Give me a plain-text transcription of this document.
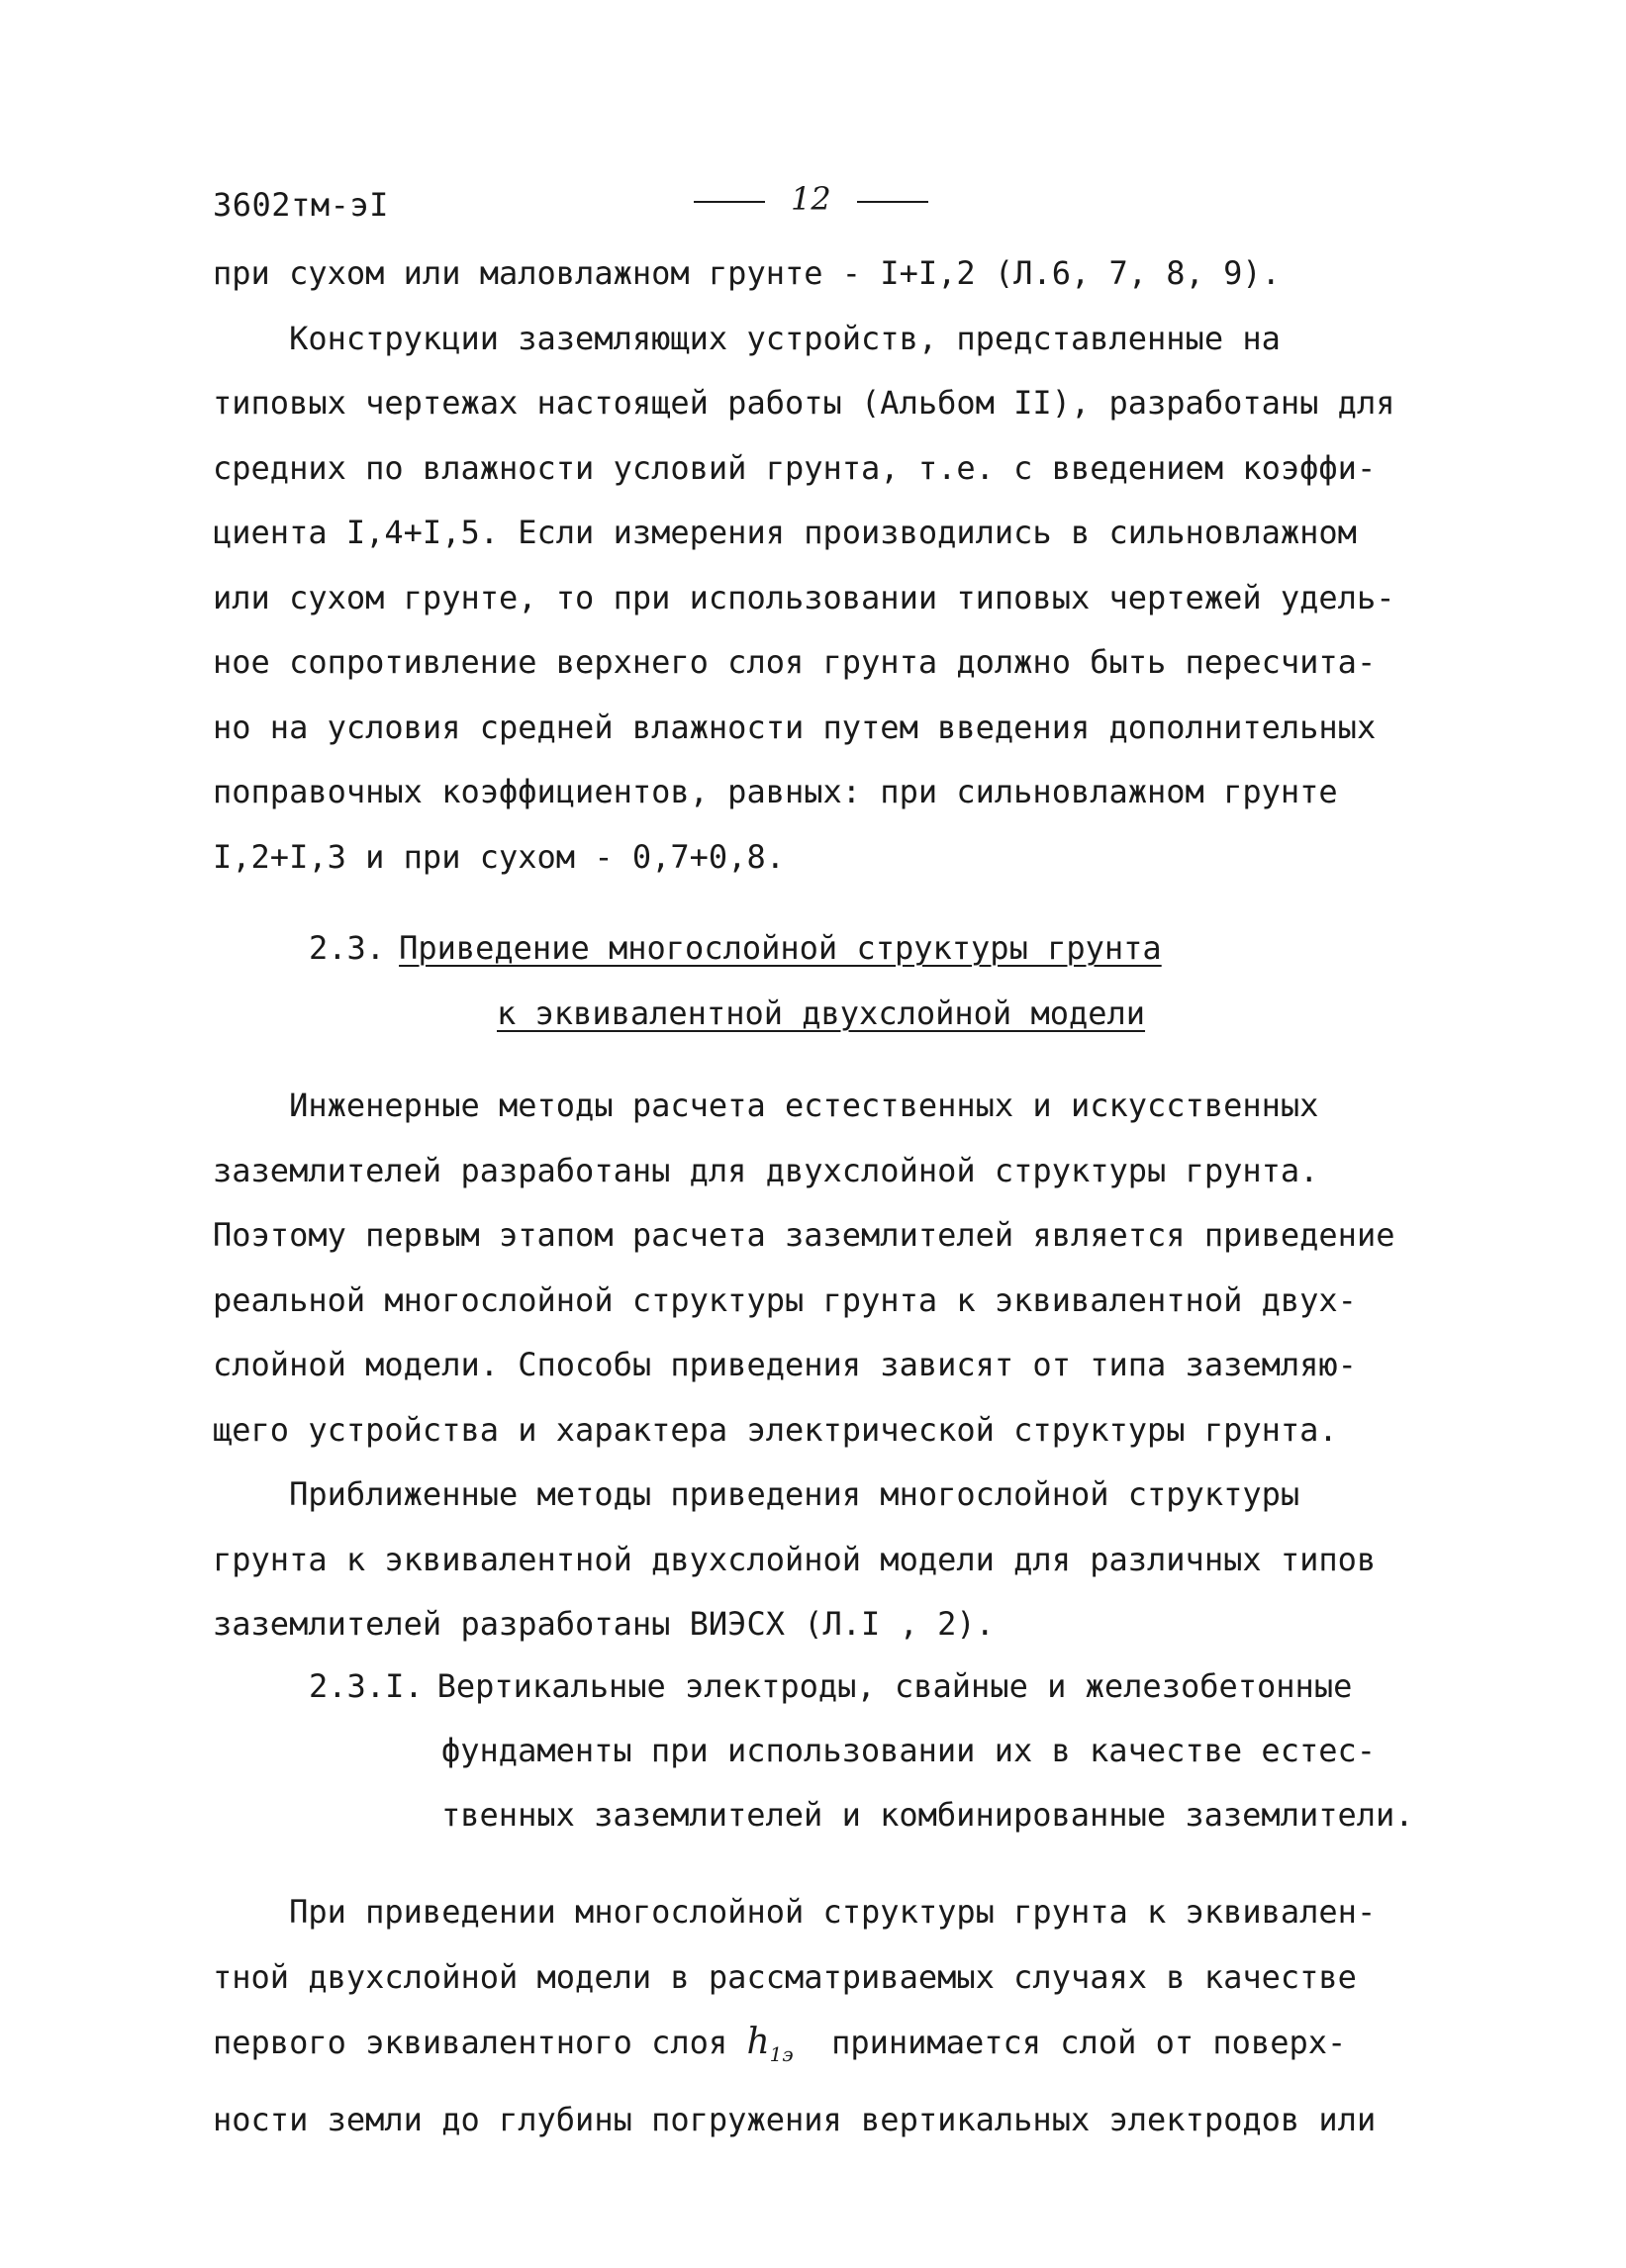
3602тм-эI	12
при сухом или маловлажном грунте - I+I,2 (Л.6, 7, 8, 9).
Конструкции заземляющих устройств, представленные на
типовых чертежах настоящей работы (Альбом II), разработаны для
средних по влажности условий грунта, т.е. с введением коэффи-
циента I,4+I,5. Если измерения производились в сильновлажном
или сухом грунте, то при использовании типовых чертежей удель-
ное сопротивление верхнего слоя грунта должно быть пересчита-
но на условия средней влажности путем введения дополнительных
поправочных коэффициентов, равных: при сильновлажном грунте
I,2+I,3 и при сухом - 0,7+0,8.
2.3. Приведение многослойной структуры грунта
к эквивалентной двухслойной модели
Инженерные методы расчета естественных и искусственных
заземлителей разработаны для двухслойной структуры грунта.
Поэтому первым этапом расчета заземлителей является приведение
реальной многослойной структуры грунта к эквивалентной двух-
слойной модели. Способы приведения зависят от типа заземляю-
щего устройства и характера электрической структуры грунта.
Приближенные методы приведения многослойной структуры
грунта к эквивалентной двухслойной модели для различных типов
заземлителей разработаны ВИЭСХ (Л.I , 2).
2.3.I. Вертикальные электроды, свайные и железобетонные
фундаменты при использовании их в качестве естес-
твенных заземлителей и комбинированные заземлители.
При приведении многослойной структуры грунта к эквивален-
тной двухслойной модели в рассматриваемых случаях в качестве
первого эквивалентного слоя $h_{1э}$  принимается слой от поверх-
ности земли до глубины погружения вертикальных электродов или
